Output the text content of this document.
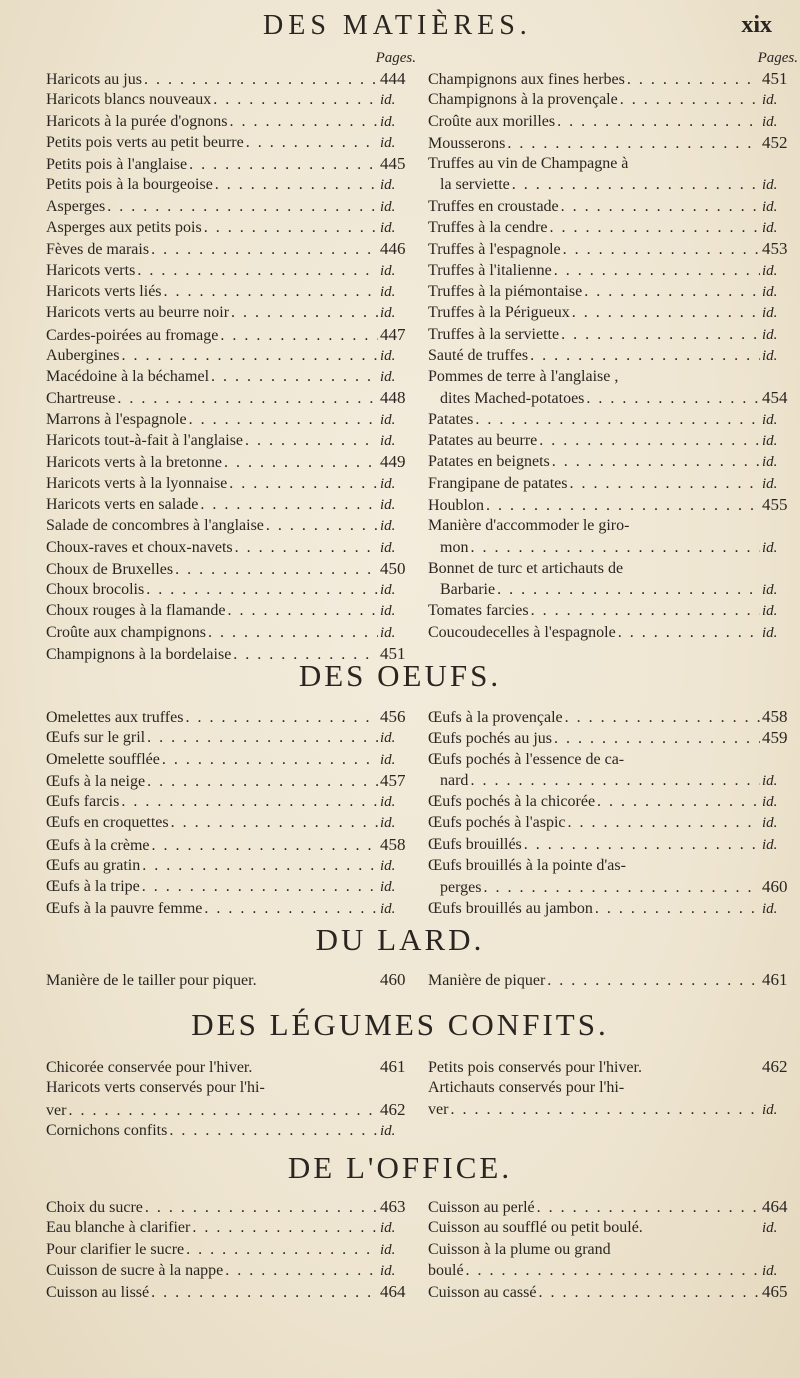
DES MATIÈRES.	xix
Pages.
Haricots au jus . . .	444
Haricots blancs nouveaux . . .	id.
Haricots à la purée d'ognons . . .	id.
Petits pois verts au petit beurre . . .	id.
Petits pois à l'anglaise . . .	445
Petits pois à la bourgeoise . . .	id.
Asperges . . .	id.
Asperges aux petits pois . . .	id.
Fèves de marais . . .	446
Haricots verts . . .	id.
Haricots verts liés . . .	id.
Haricots verts au beurre noir . . .	id.
Cardes-poirées au fromage . . .	447
Aubergines . . .	id.
Macédoine à la béchamel . . .	id.
Chartreuse . . .	448
Marrons à l'espagnole . . .	id.
Haricots tout-à-fait à l'anglaise . . .	id.
Haricots verts à la bretonne . . .	449
Haricots verts à la lyonnaise . . .	id.
Haricots verts en salade . . .	id.
Salade de concombres à l'anglaise . . .	id.
Choux-raves et choux-navets . . .	id.
Choux de Bruxelles . . .	450
Choux brocolis . . .	id.
Choux rouges à la flamande . . .	id.
Croûte aux champignons . . .	id.
Champignons à la bordelaise . . .	451
Pages.
Champignons aux fines herbes . . .	451
Champignons à la provençale . . .	id.
Croûte aux morilles . . .	id.
Mousserons . . .	452
Truffes au vin de Champagne à
la serviette . . .	id.
Truffes en croustade . . .	id.
Truffes à la cendre . . .	id.
Truffes à l'espagnole . . .	453
Truffes à l'italienne . . .	id.
Truffes à la piémontaise . . .	id.
Truffes à la Périgueux . . .	id.
Truffes à la serviette . . .	id.
Sauté de truffes . . .	id.
Pommes de terre à l'anglaise ,
dites Mached-potatoes . . .	454
Patates . . .	id.
Patates au beurre . . .	id.
Patates en beignets . . .	id.
Frangipane de patates . . .	id.
Houblon . . .	455
Manière d'accommoder le giro-
mon . . .	id.
Bonnet de turc et artichauts de
Barbarie . . .	id.
Tomates farcies . . .	id.
Coucoudecelles à l'espagnole . . .	id.
DES OEUFS.
Omelettes aux truffes . . .	456
Œufs sur le gril . . .	id.
Omelette soufflée . . .	id.
Œufs à la neige . . .	457
Œufs farcis . . .	id.
Œufs en croquettes . . .	id.
Œufs à la crème . . .	458
Œufs au gratin . . .	id.
Œufs à la tripe . . .	id.
Œufs à la pauvre femme . . .	id.
Œufs à la provençale . . .	458
Œufs pochés au jus . . .	459
Œufs pochés à l'essence de ca-
nard . . .	id.
Œufs pochés à la chicorée . . .	id.
Œufs pochés à l'aspic . . .	id.
Œufs brouillés . . .	id.
Œufs brouillés à la pointe d'as-
perges . . .	460
Œufs brouillés au jambon . . .	id.
DU LARD.
Manière de le tailler pour piquer.	460	Manière de piquer . . .	461
DES LÉGUMES CONFITS.
Chicorée conservée pour l'hiver.	461
Haricots verts conservés pour l'hi-
ver . . .	462
Cornichons confits . . .	id.
Petits pois conservés pour l'hiver.	462
Artichauts conservés pour l'hi-
ver . . .	id.
DE L'OFFICE.
Choix du sucre . . .	463
Eau blanche à clarifier . . .	id.
Pour clarifier le sucre . . .	id.
Cuisson de sucre à la nappe . . .	id.
Cuisson au lissé . . .	464
Cuisson au perlé . . .	464
Cuisson au soufflé ou petit boulé.	id.
Cuisson à la plume ou grand
boulé . . .	id.
Cuisson au cassé . . .	465
